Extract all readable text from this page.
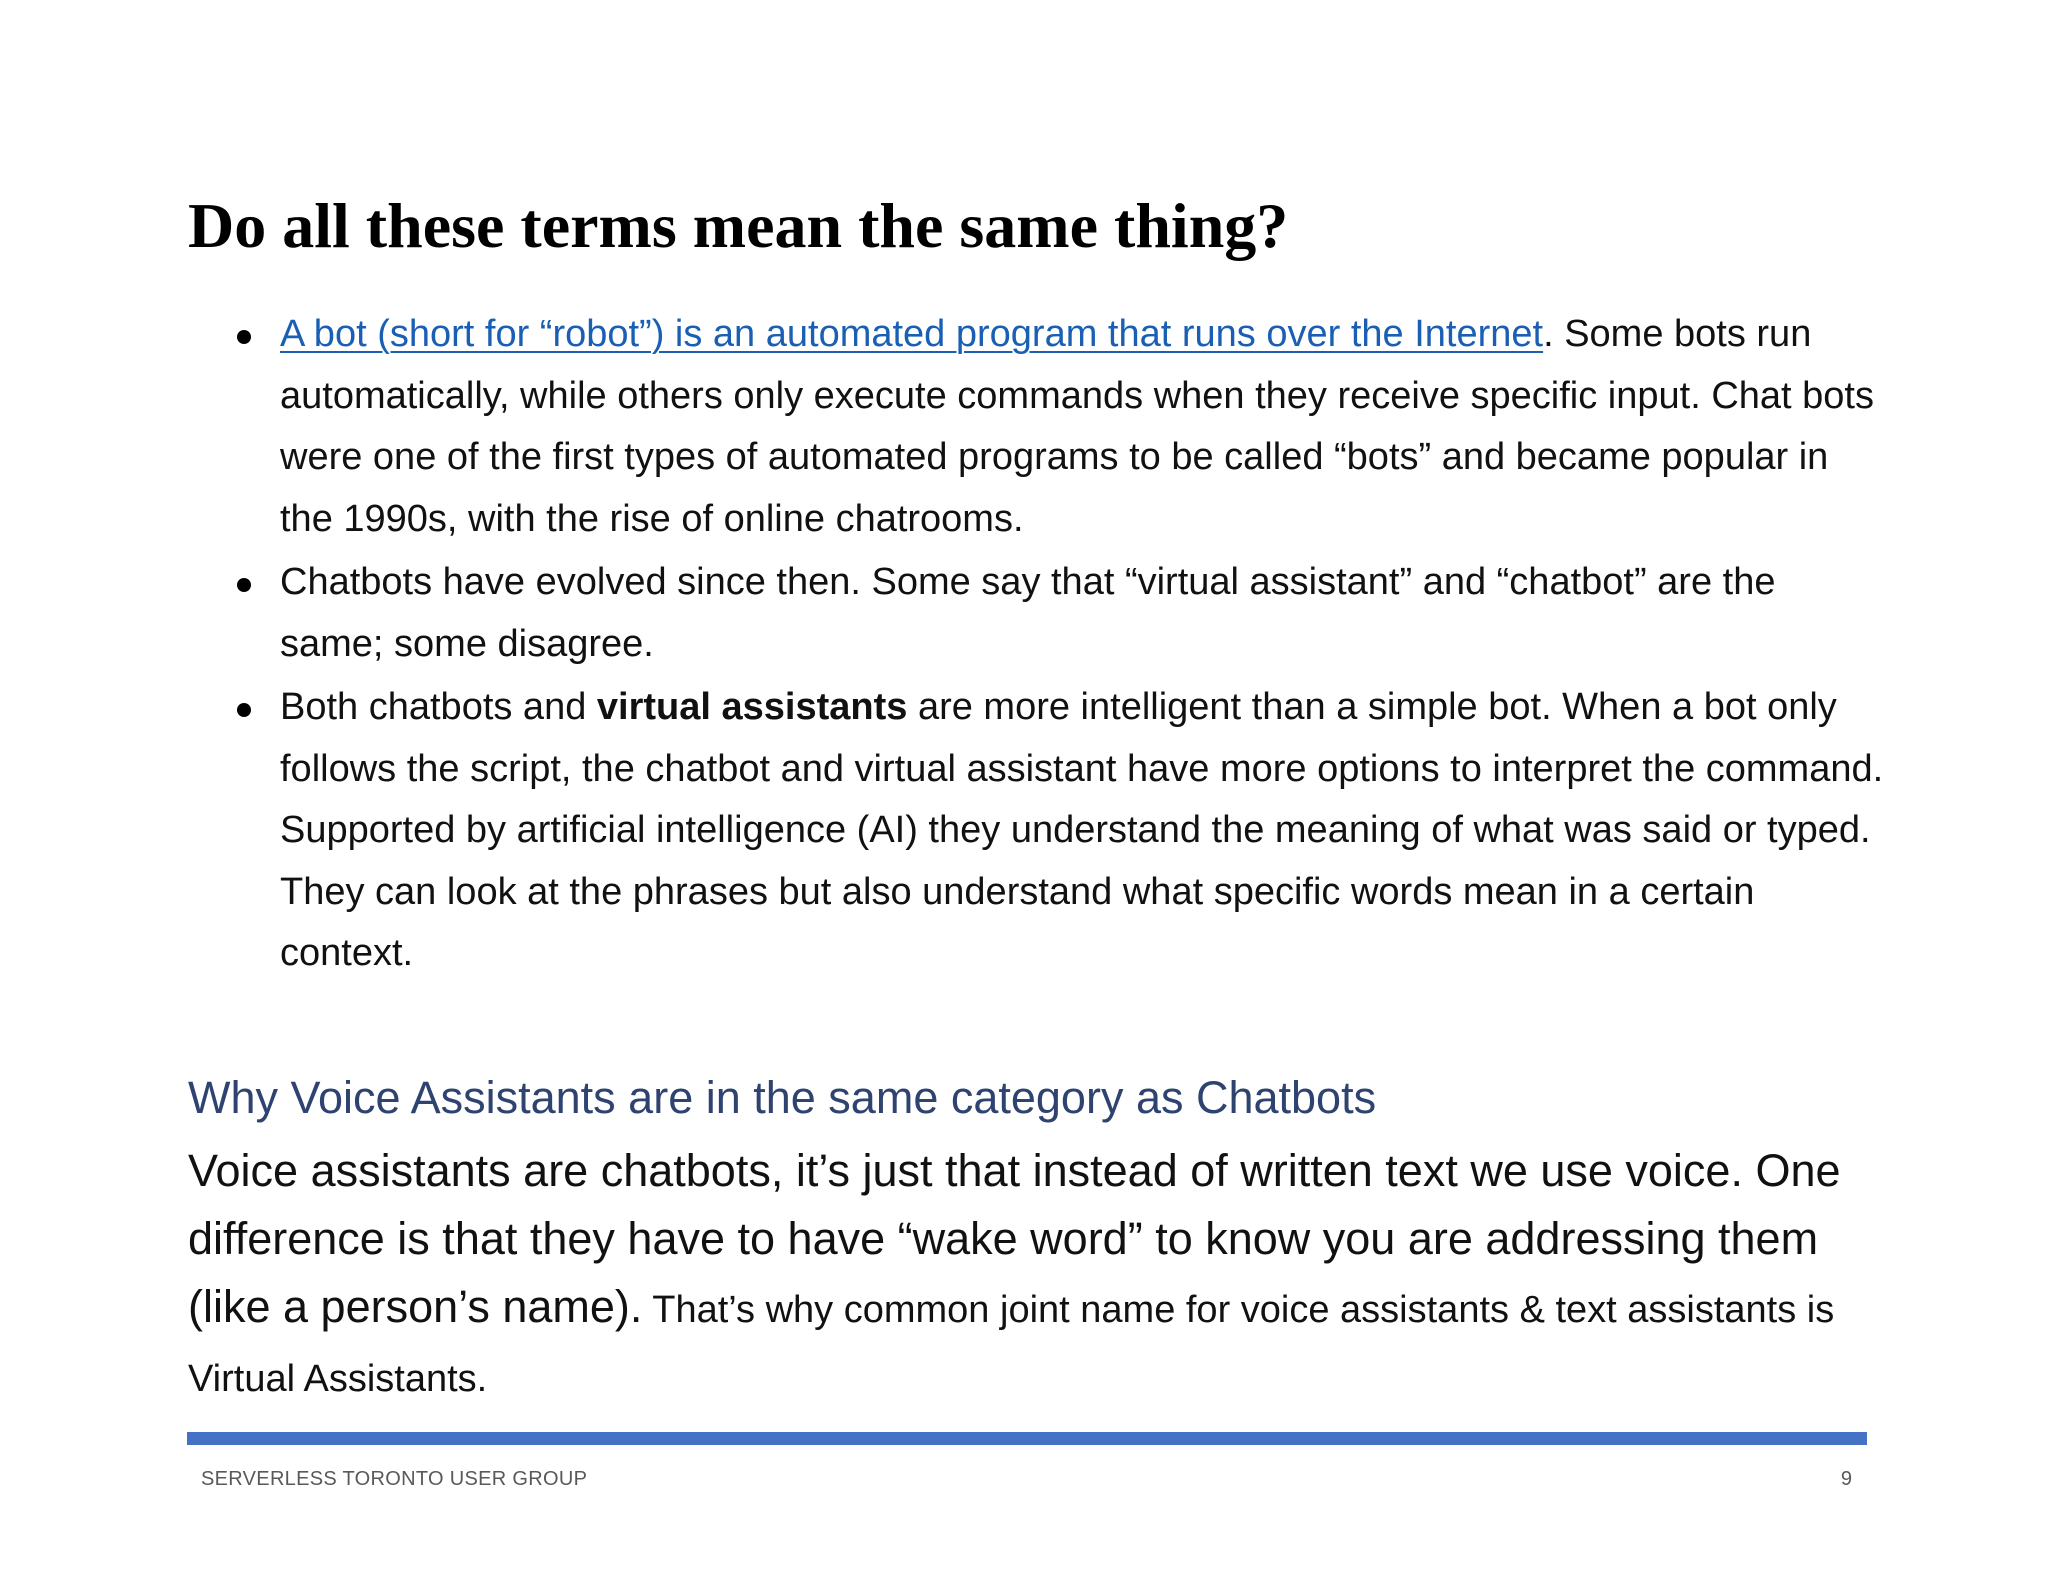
Do all these terms mean the same thing?
A bot (short for “robot”) is an automated program that runs over the Internet. Some bots run automatically, while others only execute commands when they receive specific input. Chat bots were one of the first types of automated programs to be called “bots” and became popular in the 1990s, with the rise of online chatrooms.
Chatbots have evolved since then. Some say that “virtual assistant” and “chatbot” are the same; some disagree.
Both chatbots and virtual assistants are more intelligent than a simple bot. When a bot only follows the script, the chatbot and virtual assistant have more options to interpret the command. Supported by artificial intelligence (AI) they understand the meaning of what was said or typed. They can look at the phrases but also understand what specific words mean in a certain context.
Why Voice Assistants are in the same category as Chatbots

Voice assistants are chatbots, it’s just that instead of written text we use voice. One difference is that they have to have “wake word” to know you are addressing them (like a person’s name). That’s why common joint name for voice assistants & text assistants is Virtual Assistants.

SERVERLESS TORONTO USER GROUP	9
